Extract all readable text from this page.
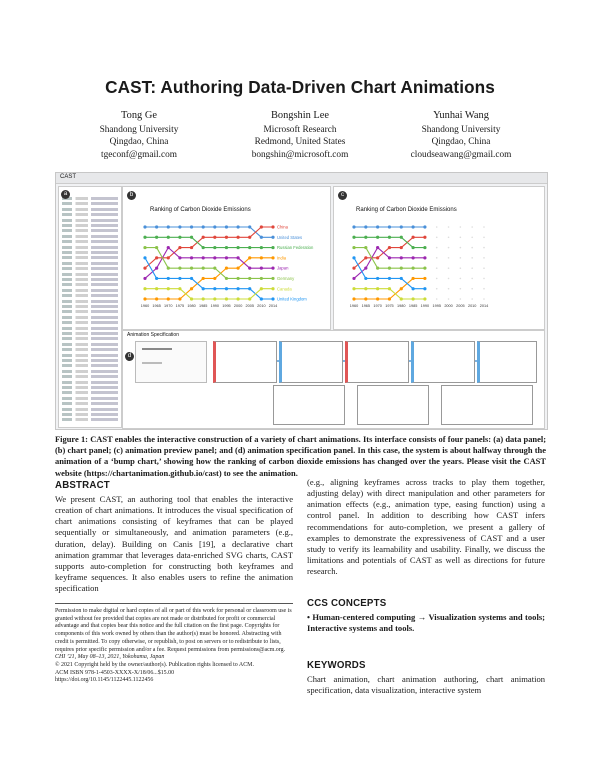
CAST: Authoring Data-Driven Chart Animations
Tong Ge
Shandong University
Qingdao, China
tgeconf@gmail.com
Bongshin Lee
Microsoft Research
Redmond, United States
bongshin@microsoft.com
Yunhai Wang
Shandong University
Qingdao, China
cloudseawang@gmail.com
CAST
a	b
Ranking of Carbon Dioxide Emissions
United States
China
Russian Federation
India
Japan
Germany
United Kingdom
Canada
1960 1965 1970 1975 1980 1985 1990 1995 2000 2005 2010 2014
c
Ranking of Carbon Dioxide Emissions
1960 1965 1970 1975 1980 1985 1990 1995 2000 2005 2010 2014
Animation Specification
d
Figure 1: CAST enables the interactive construction of a variety of chart animations. Its interface consists of four panels: (a) data panel; (b) chart panel; (c) animation preview panel; and (d) animation specification panel. In this case, the system is about halfway through the animation of a ‘bump chart,’ showing how the ranking of carbon dioxide emissions has changed over the years. Please visit the CAST website (https://chartanimation.github.io/cast) to see the animation.
ABSTRACT
We present CAST, an authoring tool that enables the interactive creation of chart animations. It introduces the visual specification of chart animations consisting of keyframes that can be played sequentially or simultaneously, and animation parameters (e.g., duration, delay). Building on Canis [19], a declarative chart animation grammar that leverages data-enriched SVG charts, CAST supports auto-completion for constructing both keyframes and keyframe sequences. It also enables users to refine the animation specification
(e.g., aligning keyframes across tracks to play them together, adjusting delay) with direct manipulation and other parameters for animation effects (e.g., animation type, easing function) using a control panel. In addition to describing how CAST infers recommendations for auto-completion, we present a gallery of examples to demonstrate the expressiveness of CAST and a user study to verify its learnability and usability. Finally, we discuss the limitations and potentials of CAST as well as directions for future research.
Permission to make digital or hard copies of all or part of this work for personal or classroom use is granted without fee provided that copies are not made or distributed for profit or commercial advantage and that copies bear this notice and the full citation on the first page. Copyrights for components of this work owned by others than the author(s) must be honored. Abstracting with credit is permitted. To copy otherwise, or republish, to post on servers or to redistribute to lists, requires prior specific permission and/or a fee. Request permissions from permissions@acm.org.
CHI ’21, May 08–13, 2021, Yokohama, Japan
© 2021 Copyright held by the owner/author(s). Publication rights licensed to ACM.
ACM ISBN 978-1-4503-XXXX-X/18/06...$15.00
https://doi.org/10.1145/1122445.1122456
CCS CONCEPTS
• Human-centered computing → Visualization systems and tools; Interactive systems and tools.
KEYWORDS
Chart animation, chart animation authoring, chart animation specification, data visualization, interactive system
